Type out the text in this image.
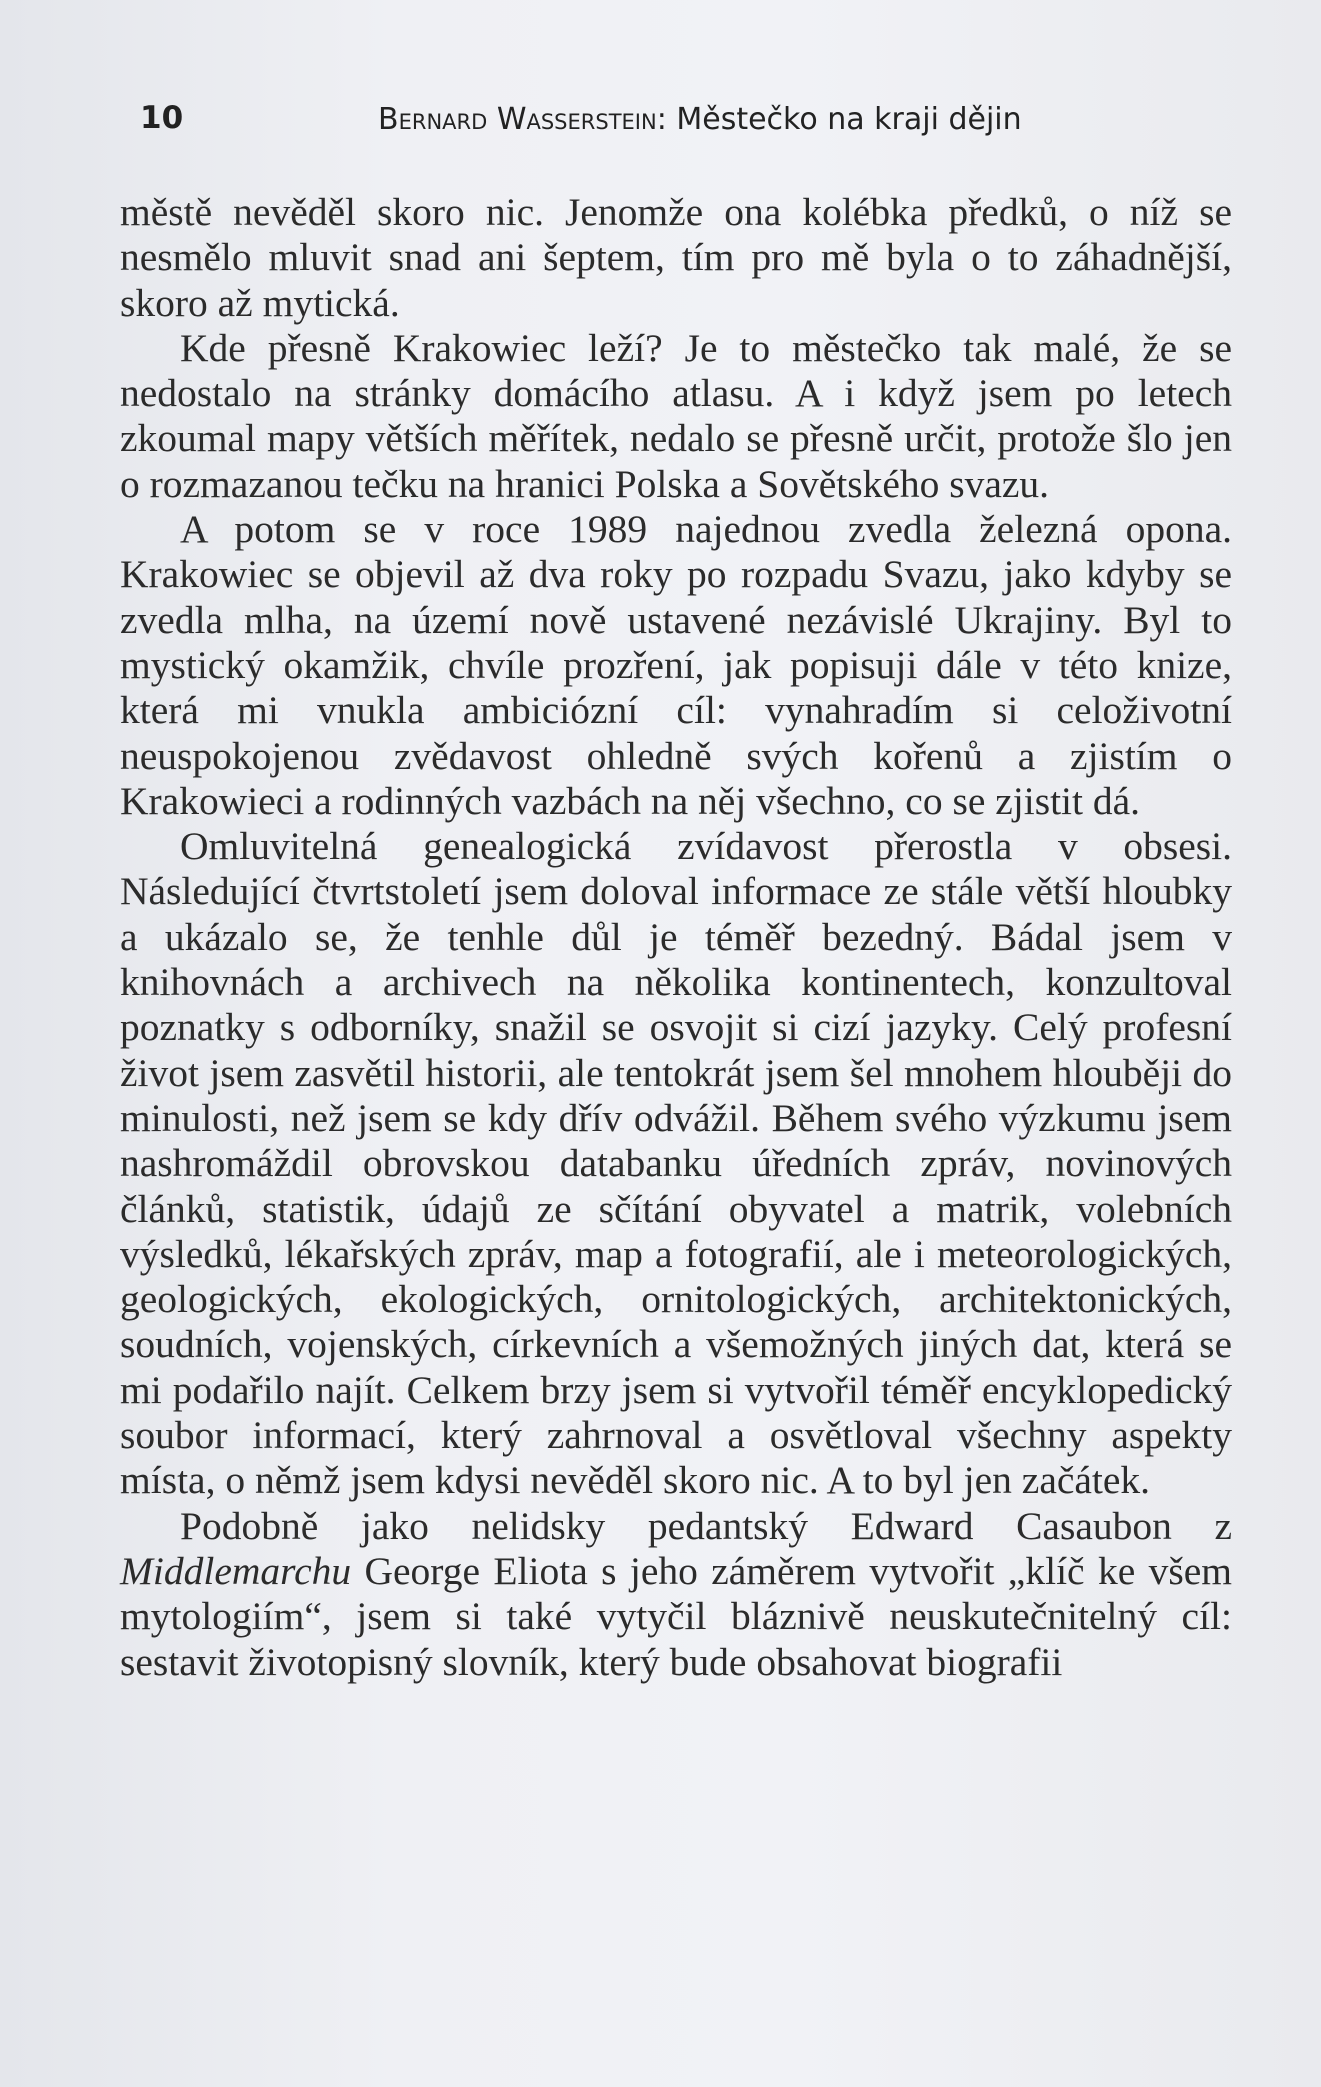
10	Bernard Wasserstein: Městečko na kraji dějin

městě nevěděl skoro nic. Jenomže ona kolébka předků, o níž se nesmělo mluvit snad ani šeptem, tím pro mě byla o to záhadnější, skoro až mytická.

Kde přesně Krakowiec leží? Je to městečko tak malé, že se nedostalo na stránky domácího atlasu. A i když jsem po letech zkoumal mapy větších měřítek, nedalo se přesně určit, protože šlo jen o rozmazanou tečku na hranici Polska a Sovětského svazu.

A potom se v roce 1989 najednou zvedla železná opona. Krakowiec se objevil až dva roky po rozpadu Svazu, jako kdyby se zvedla mlha, na území nově ustavené nezávislé Ukrajiny. Byl to mystický okamžik, chvíle prozření, jak popisuji dále v této knize, která mi vnukla ambiciózní cíl: vynahradím si celoživotní neuspokojenou zvědavost ohledně svých kořenů a zjistím o Krakowieci a rodinných vazbách na něj všechno, co se zjistit dá.

Omluvitelná genealogická zvídavost přerostla v obsesi. Následující čtvrtstoletí jsem doloval informace ze stále větší hloubky a ukázalo se, že tenhle důl je téměř bezedný. Bádal jsem v knihovnách a archivech na několika kontinentech, konzultoval poznatky s odborníky, snažil se osvojit si cizí jazyky. Celý profesní život jsem zasvětil historii, ale tentokrát jsem šel mnohem hlouběji do minulosti, než jsem se kdy dřív odvážil. Během svého výzkumu jsem nashromáždil obrovskou databanku úředních zpráv, novinových článků, statistik, údajů ze sčítání obyvatel a matrik, volebních výsledků, lékařských zpráv, map a fotografií, ale i meteorologických, geologických, ekologických, ornitologických, architektonických, soudních, vojenských, církevních a všemožných jiných dat, která se mi podařilo najít. Celkem brzy jsem si vytvořil téměř encyklopedický soubor informací, který zahrnoval a osvětloval všechny aspekty místa, o němž jsem kdysi nevěděl skoro nic. A to byl jen začátek.

Podobně jako nelidsky pedantský Edward Casaubon z Middlemarchu George Eliota s jeho záměrem vytvořit „klíč ke všem mytologiím“, jsem si také vytyčil bláznivě neuskutečnitelný cíl: sestavit životopisný slovník, který bude obsahovat biografii
